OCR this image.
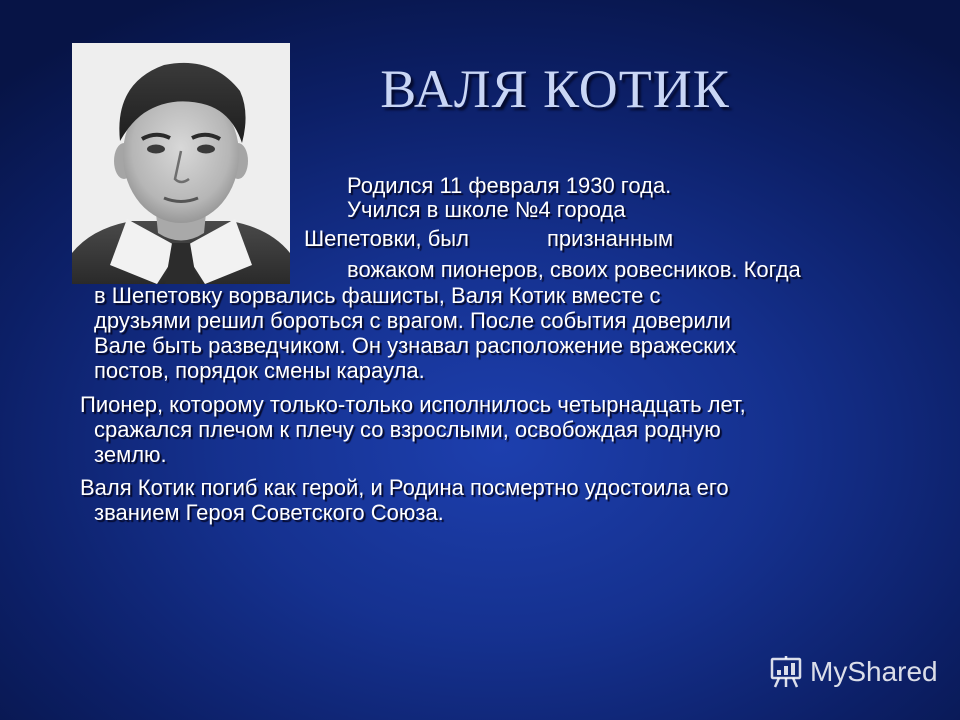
ВАЛЯ КОТИК
Родился 11 февраля 1930 года.
Учился в школе №4 города
Шепетовки, был	признанным
вожаком пионеров, своих ровесников. Когда
в Шепетовку ворвались фашисты, Валя Котик вместе с
друзьями решил бороться с врагом. После события доверили
Вале быть разведчиком. Он узнавал расположение вражеских
постов, порядок смены караула.
Пионер, которому только-только исполнилось четырнадцать лет,
сражался плечом к плечу со взрослыми, освобождая родную
землю.
Валя Котик погиб как герой, и Родина посмертно удостоила его
званием Героя Советского Союза.
MyShared
